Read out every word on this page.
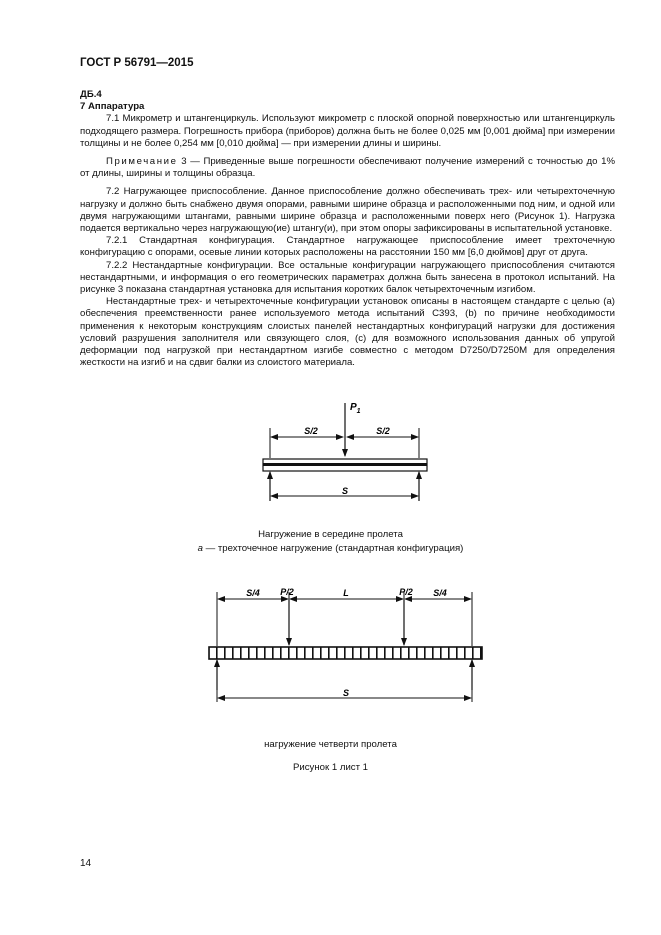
ГОСТ Р 56791—2015
ДБ.4
7 Аппаратура

7.1 Микрометр и штангенциркуль. Используют микрометр с плоской опорной поверхностью или штангенциркуль подходящего размера. Погрешность прибора (приборов) должна быть не более 0,025 мм [0,001 дюйма] при измерении толщины и не более 0,254 мм [0,010 дюйма] — при измерении длины и ширины.

Примечание 3 — Приведенные выше погрешности обеспечивают получение измерений с точностью до 1% от длины, ширины и толщины образца.

7.2 Нагружающее приспособление. Данное приспособление должно обеспечивать трех- или четырехточечную нагрузку и должно быть снабжено двумя опорами, равными ширине образца и расположенными под ним, и одной или двумя нагружающими штангами, равными ширине образца и расположенными поверх него (Рисунок 1). Нагрузка подается вертикально через нагружающую(ие) штангу(и), при этом опоры зафиксированы в испытательной установке.

7.2.1 Стандартная конфигурация. Стандартное нагружающее приспособление имеет трехточечную конфигурацию с опорами, осевые линии которых расположены на расстоянии 150 мм [6,0 дюймов] друг от друга.

7.2.2 Нестандартные конфигурации. Все остальные конфигурации нагружающего приспособления считаются нестандартными, и информация о его геометрических параметрах должна быть занесена в протокол испытаний. На рисунке 3 показана стандартная установка для испытания коротких балок четырехточечным изгибом.

Нестандартные трех- и четырехточечные конфигурации установок описаны в настоящем стандарте с целью (a) обеспечения преемственности ранее используемого метода испытаний C393, (b) по причине необходимости применения к некоторым конструкциям слоистых панелей нестандартных конфигураций нагрузки для достижения условий разрушения заполнителя или связующего слоя, (c) для возможного использования данных об упругой деформации под нагрузкой при нестандартном изгибе совместно с методом D7250/D7250M для определения жесткости на изгиб и на сдвиг балки из слоистого материала.

S/2	S/2
$P_1$
S
S/4 P/2	L	P/2 S/4
S
Нагружение в середине пролета
a — трехточечное нагружение (стандартная конфигурация)
нагружение четверти пролета
Рисунок 1 лист 1
14
